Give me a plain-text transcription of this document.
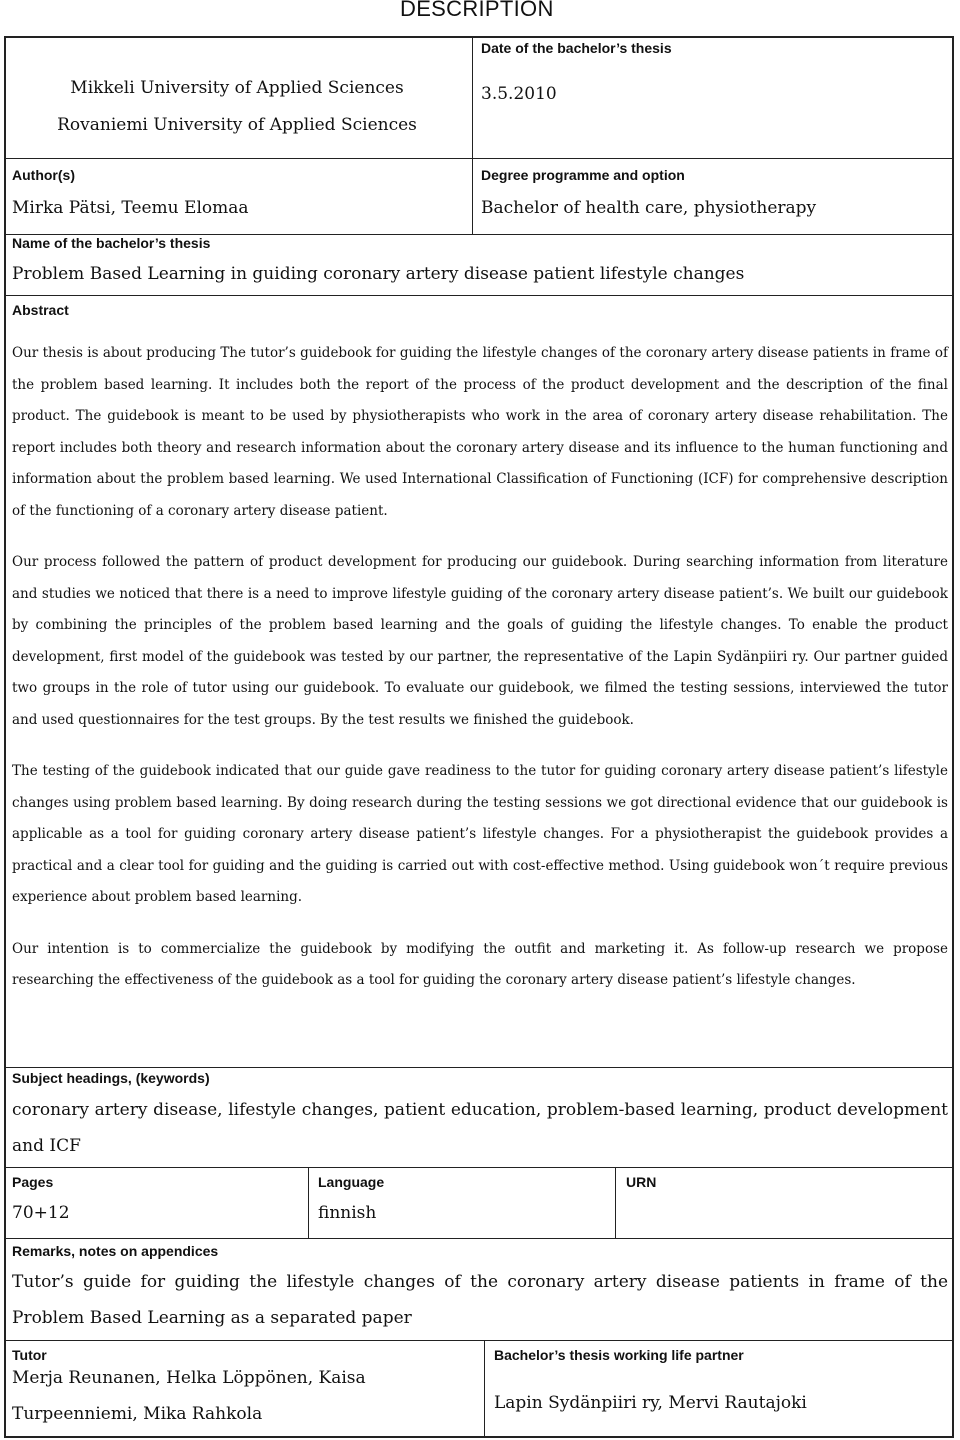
DESCRIPTION
Mikkeli University of Applied Sciences
Rovaniemi University of Applied Sciences
Date of the bachelor’s thesis
3.5.2010
Author(s)
Mirka Pätsi, Teemu Elomaa
Degree programme and option
Bachelor of health care, physiotherapy
Name of the bachelor’s thesis
Problem Based Learning in guiding coronary artery disease patient lifestyle changes
Abstract

Our thesis is about producing The tutor’s guidebook for guiding the lifestyle changes of the coronary artery disease patients in frame of the problem based learning. It includes both the report of the process of the product development and the description of the final product. The guidebook is meant to be used by physiotherapists who work in the area of coronary artery disease rehabilitation. The report includes both theory and research information about the coronary artery disease and its influence to the human functioning and information about the problem based learning. We used International Classification of Functioning (ICF) for comprehensive description of the functioning of a coronary artery disease patient.

Our process followed the pattern of product development for producing our guidebook. During searching information from literature and studies we noticed that there is a need to improve lifestyle guiding of the coronary artery disease patient’s. We built our guidebook by combining the principles of the problem based learning and the goals of guiding the lifestyle changes. To enable the product development, first model of the guidebook was tested by our partner, the representative of the Lapin Sydänpiiri ry. Our partner guided two groups in the role of tutor using our guidebook. To evaluate our guidebook, we filmed the testing sessions, interviewed the tutor and used questionnaires for the test groups. By the test results we finished the guidebook.

The testing of the guidebook indicated that our guide gave readiness to the tutor for guiding coronary artery disease patient’s lifestyle changes using problem based learning. By doing research during the testing sessions we got directional evidence that our guidebook is applicable as a tool for guiding coronary artery disease patient’s lifestyle changes. For a physiotherapist the guidebook provides a practical and a clear tool for guiding and the guiding is carried out with cost-effective method. Using guidebook won´t require previous experience about problem based learning.

Our intention is to commercialize the guidebook by modifying the outfit and marketing it. As follow-up research we propose researching the effectiveness of the guidebook as a tool for guiding the coronary artery disease patient’s lifestyle changes.

Subject headings, (keywords)
coronary artery disease, lifestyle changes, patient education, problem-based learning, product development and ICF
Pages
70+12
Language
finnish
URN
Remarks, notes on appendices
Tutor’s guide for guiding the lifestyle changes of the coronary artery disease patients in frame of the Problem Based Learning as a separated paper
Tutor
Merja Reunanen, Helka Löppönen, Kaisa Turpeenniemi, Mika Rahkola
Bachelor’s thesis working life partner
Lapin Sydänpiiri ry, Mervi Rautajoki
